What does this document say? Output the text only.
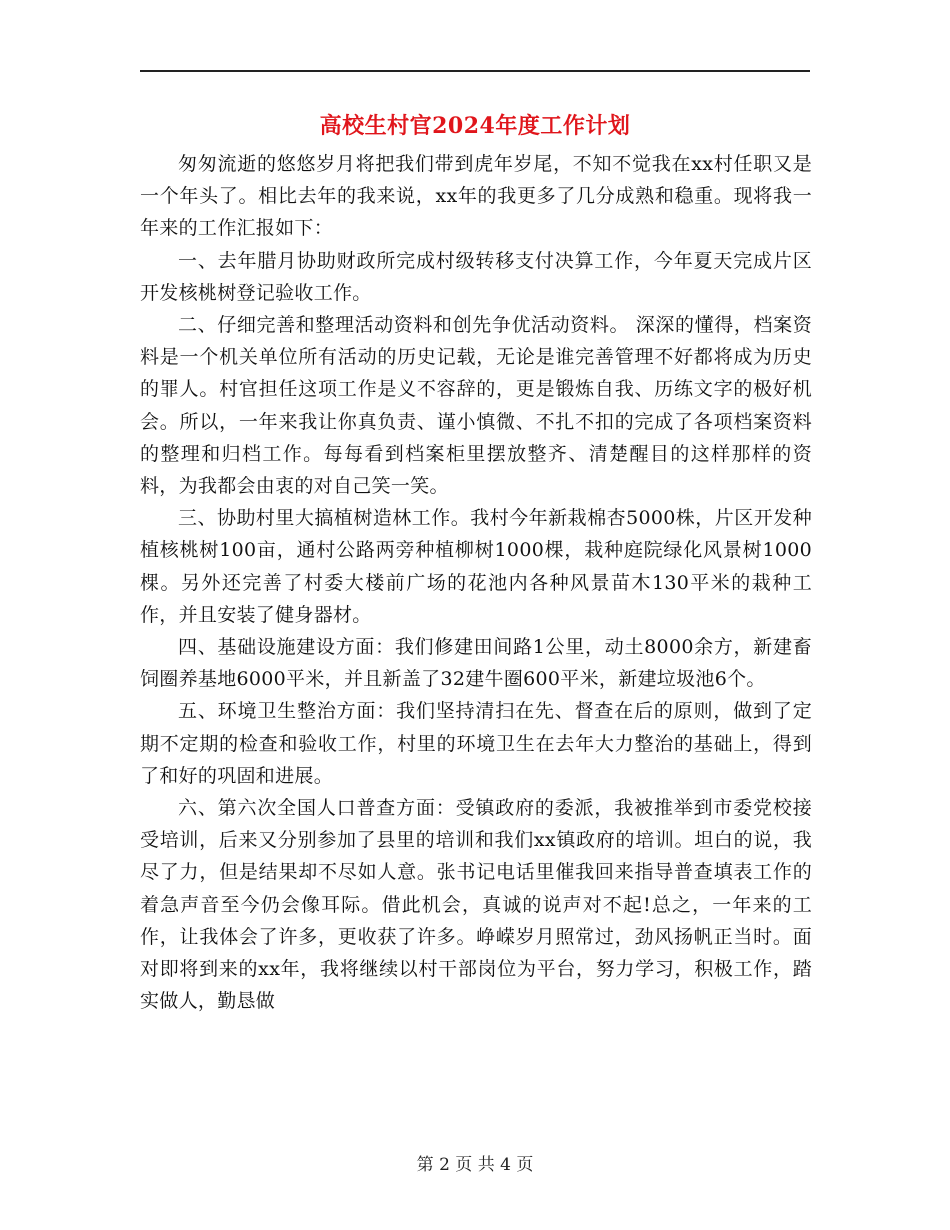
高校生村官2024年度工作计划

匆匆流逝的悠悠岁月将把我们带到虎年岁尾，不知不觉我在xx村任职又是一个年头了。相比去年的我来说，xx年的我更多了几分成熟和稳重。现将我一年来的工作汇报如下：

一、去年腊月协助财政所完成村级转移支付决算工作，今年夏天完成片区开发核桃树登记验收工作。

二、仔细完善和整理活动资料和创先争优活动资料。 深深的懂得，档案资料是一个机关单位所有活动的历史记载，无论是谁完善管理不好都将成为历史的罪人。村官担任这项工作是义不容辞的，更是锻炼自我、历练文字的极好机会。所以，一年来我让你真负责、谨小慎微、不扎不扣的完成了各项档案资料的整理和归档工作。每每看到档案柜里摆放整齐、清楚醒目的这样那样的资料，为我都会由衷的对自己笑一笑。

三、协助村里大搞植树造林工作。我村今年新栽棉杏5000株，片区开发种植核桃树100亩，通村公路两旁种植柳树1000棵，栽种庭院绿化风景树1000棵。另外还完善了村委大楼前广场的花池内各种风景苗木130平米的栽种工作，并且安装了健身器材。

四、基础设施建设方面：我们修建田间路1公里，动土8000余方，新建畜饲圈养基地6000平米，并且新盖了32建牛圈600平米，新建垃圾池6个。

五、环境卫生整治方面：我们坚持清扫在先、督查在后的原则，做到了定期不定期的检查和验收工作，村里的环境卫生在去年大力整治的基础上，得到了和好的巩固和进展。

六、第六次全国人口普查方面：受镇政府的委派，我被推举到市委党校接受培训，后来又分别参加了县里的培训和我们xx镇政府的培训。坦白的说，我尽了力，但是结果却不尽如人意。张书记电话里催我回来指导普查填表工作的着急声音至今仍会像耳际。借此机会，真诚的说声对不起!总之，一年来的工作，让我体会了许多，更收获了许多。峥嵘岁月照常过，劲风扬帆正当时。面对即将到来的xx年，我将继续以村干部岗位为平台，努力学习，积极工作，踏实做人，勤恳做

第 2 页 共 4 页
